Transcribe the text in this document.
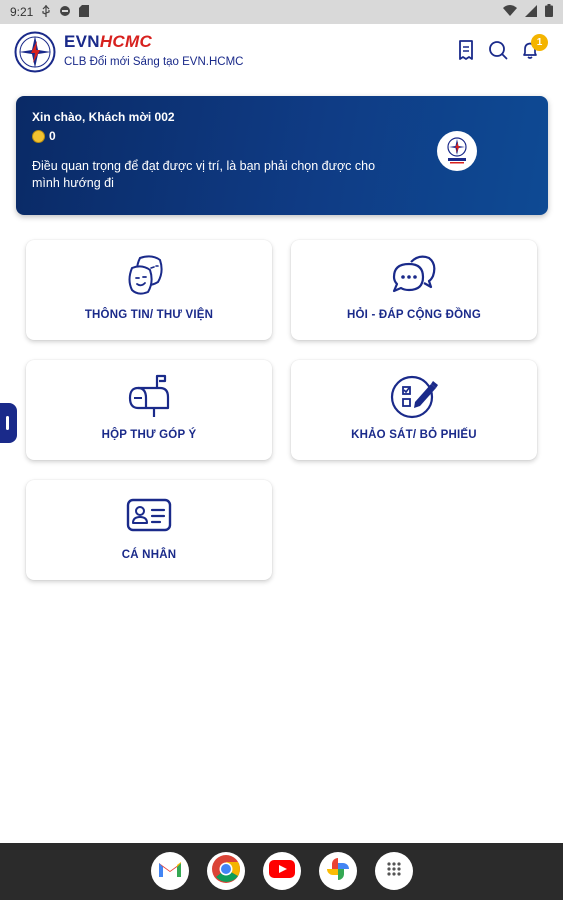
9:21
EVNHCMC
CLB Đổi mới Sáng tạo EVN.HCMC
1
Xin chào, Khách mời 002
0
Điều quan trọng để đạt được vị trí, là bạn phải chọn được cho mình hướng đi
THÔNG TIN/ THƯ VIỆN	HỎI - ĐÁP CỘNG ĐỒNG
HỘP THƯ GÓP Ý	KHẢO SÁT/ BỎ PHIẾU
CÁ NHÂN
